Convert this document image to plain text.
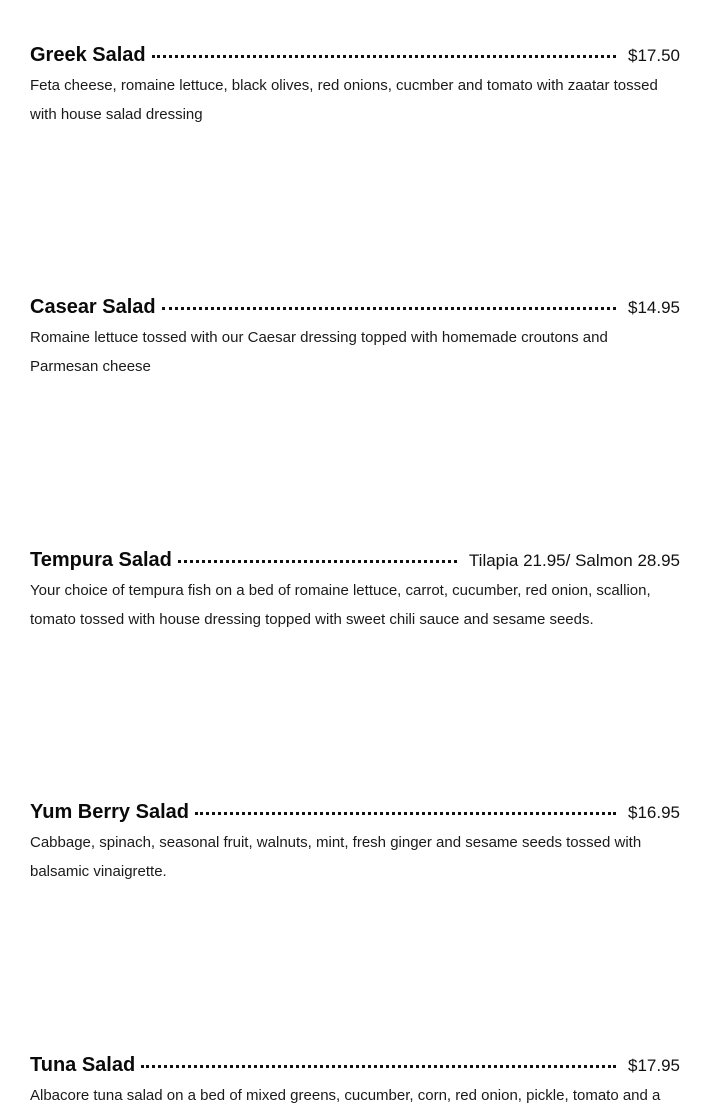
Greek Salad	$17.50
Feta cheese, romaine lettuce, black olives, red onions, cucmber and tomato with zaatar tossed with house salad dressing
Casear Salad	$14.95
Romaine lettuce tossed with our Caesar dressing topped with homemade croutons and Parmesan cheese
Tempura Salad	Tilapia 21.95/ Salmon 28.95
Your choice of tempura fish on a bed of romaine lettuce, carrot, cucumber, red onion, scallion, tomato tossed with house dressing topped with sweet chili sauce and sesame seeds.
Yum Berry Salad	$16.95
Cabbage, spinach, seasonal fruit, walnuts, mint, fresh ginger and sesame seeds tossed with balsamic vinaigrette.
Tuna Salad	$17.95
Albacore tuna salad on a bed of mixed greens, cucumber, corn, red onion, pickle, tomato and a
